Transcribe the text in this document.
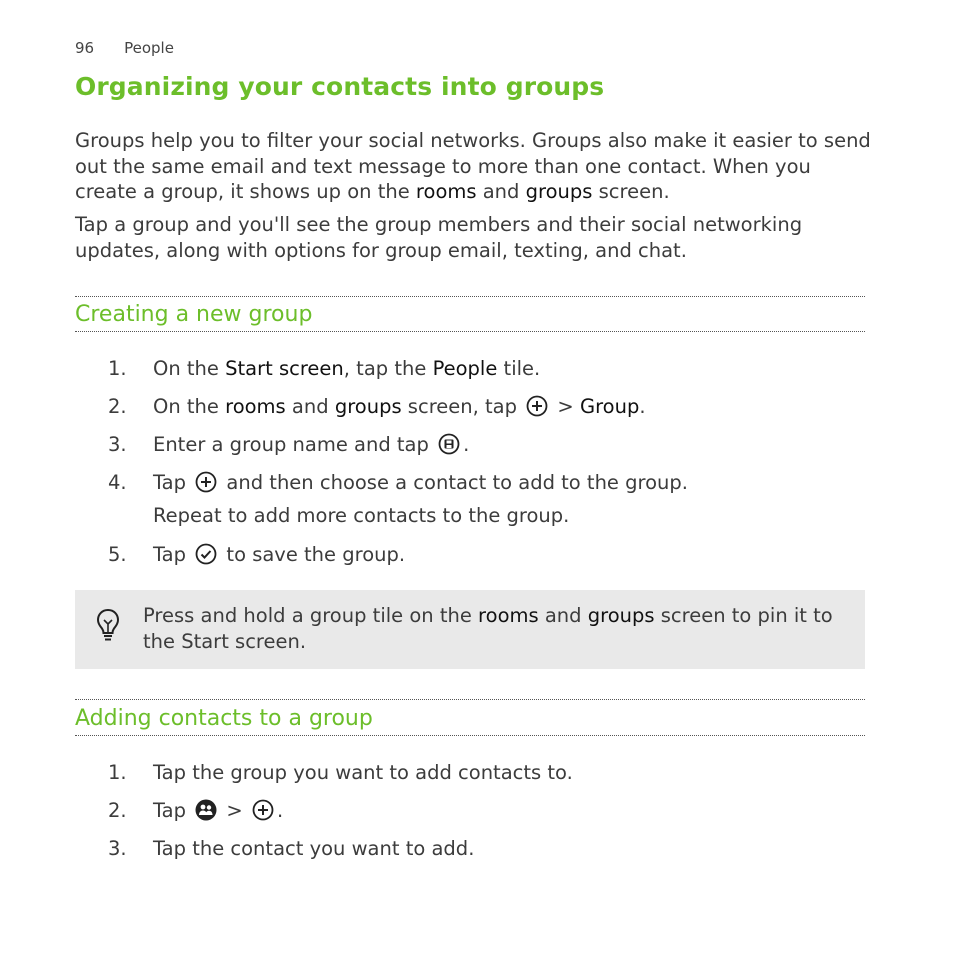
96 People
Organizing your contacts into groups

Groups help you to filter your social networks. Groups also make it easier to send out the same email and text message to more than one contact. When you create a group, it shows up on the rooms and groups screen.

Tap a group and you'll see the group members and their social networking updates, along with options for group email, texting, and chat.

Creating a new group
1.	On the Start screen, tap the People tile.
2.	On the rooms and groups screen, tap  > Group.
3.	Enter a group name and tap .
4.	Tap  and then choose a contact to add to the group.
Repeat to add more contacts to the group.
5.	Tap  to save the group.

Press and hold a group tile on the rooms and groups screen to pin it to the Start screen.

Adding contacts to a group
1.	Tap the group you want to add contacts to.
2.	Tap  > .
3.	Tap the contact you want to add.
